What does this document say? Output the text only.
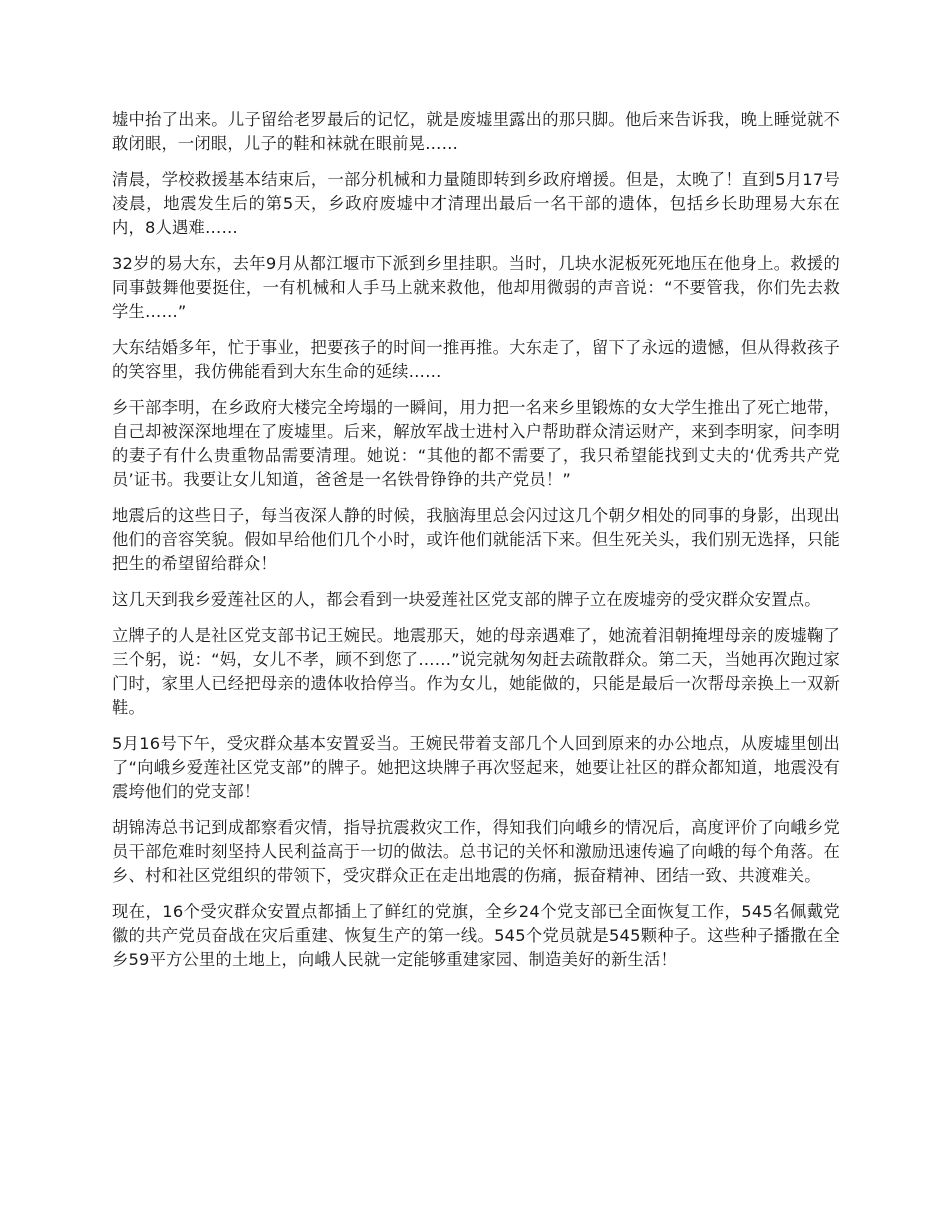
墟中抬了出来。儿子留给老罗最后的记忆，就是废墟里露出的那只脚。他后来告诉我，晚上睡觉就不敢闭眼，一闭眼，儿子的鞋和袜就在眼前晃……

清晨，学校救援基本结束后，一部分机械和力量随即转到乡政府增援。但是，太晚了！直到5月17号凌晨，地震发生后的第5天，乡政府废墟中才清理出最后一名干部的遗体，包括乡长助理易大东在内，8人遇难……

32岁的易大东，去年9月从都江堰市下派到乡里挂职。当时，几块水泥板死死地压在他身上。救援的同事鼓舞他要挺住，一有机械和人手马上就来救他，他却用微弱的声音说：“不要管我，你们先去救学生……”

大东结婚多年，忙于事业，把要孩子的时间一推再推。大东走了，留下了永远的遗憾，但从得救孩子的笑容里，我仿佛能看到大东生命的延续……

乡干部李明，在乡政府大楼完全垮塌的一瞬间，用力把一名来乡里锻炼的女大学生推出了死亡地带，自己却被深深地埋在了废墟里。后来，解放军战士进村入户帮助群众清运财产，来到李明家，问李明的妻子有什么贵重物品需要清理。她说：“其他的都不需要了，我只希望能找到丈夫的‘优秀共产党员’证书。我要让女儿知道，爸爸是一名铁骨铮铮的共产党员！”

地震后的这些日子，每当夜深人静的时候，我脑海里总会闪过这几个朝夕相处的同事的身影，出现出他们的音容笑貌。假如早给他们几个小时，或许他们就能活下来。但生死关头，我们别无选择，只能把生的希望留给群众！

这几天到我乡爱莲社区的人，都会看到一块爱莲社区党支部的牌子立在废墟旁的受灾群众安置点。

立牌子的人是社区党支部书记王婉民。地震那天，她的母亲遇难了，她流着泪朝掩埋母亲的废墟鞠了三个躬，说：“妈，女儿不孝，顾不到您了……”说完就匆匆赶去疏散群众。第二天，当她再次跑过家门时，家里人已经把母亲的遗体收拾停当。作为女儿，她能做的，只能是最后一次帮母亲换上一双新鞋。

5月16号下午，受灾群众基本安置妥当。王婉民带着支部几个人回到原来的办公地点，从废墟里刨出了“向峨乡爱莲社区党支部”的牌子。她把这块牌子再次竖起来，她要让社区的群众都知道，地震没有震垮他们的党支部！

胡锦涛总书记到成都察看灾情，指导抗震救灾工作，得知我们向峨乡的情况后，高度评价了向峨乡党员干部危难时刻坚持人民利益高于一切的做法。总书记的关怀和激励迅速传遍了向峨的每个角落。在乡、村和社区党组织的带领下，受灾群众正在走出地震的伤痛，振奋精神、团结一致、共渡难关。

现在，16个受灾群众安置点都插上了鲜红的党旗，全乡24个党支部已全面恢复工作，545名佩戴党徽的共产党员奋战在灾后重建、恢复生产的第一线。545个党员就是545颗种子。这些种子播撒在全乡59平方公里的土地上，向峨人民就一定能够重建家园、制造美好的新生活！
